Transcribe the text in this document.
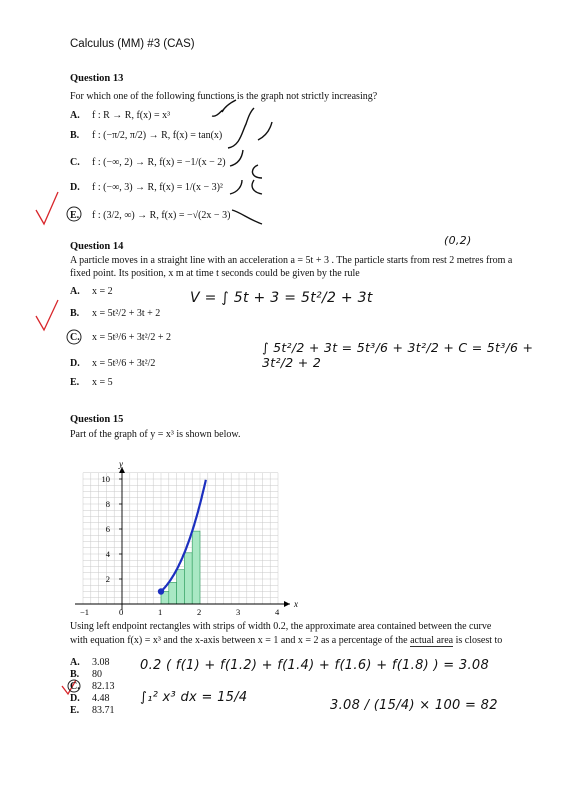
Calculus (MM) #3 (CAS)
Question 13
For which one of the following functions is the graph not strictly increasing?
A. f : R → R, f(x) = x³
B. f : (−π/2, π/2) → R, f(x) = tan(x)
C. f : (−∞, 2) → R, f(x) = −1/(x − 2)
D. f : (−∞, 3) → R, f(x) = 1/(x − 3)²
E. f : (3/2, ∞) → R, f(x) = −√(2x − 3)
Question 14	(0,2)
A particle moves in a straight line with an acceleration a = 5t + 3 . The particle starts from rest 2 metres from a
fixed point. Its position, x m at time t seconds could be given by the rule
A. x = 2
B. x = 5t²/2 + 3t + 2
C. x = 5t³/6 + 3t²/2 + 2
D. x = 5t³/6 + 3t²/2
E. x = 5
V = ∫ 5t + 3 = 5t²/2 + 3t
∫ 5t²/2 + 3t = 5t³/6 + 3t²/2 + C = 5t³/6 + 3t²/2 + 2
Question 15
Part of the graph of y = x³ is shown below.
x
y
−1	0	1	2	3	4
2
4
6
8
10
Using left endpoint rectangles with strips of width 0.2, the approximate area contained between the curve
with equation f(x) = x³ and the x-axis between x = 1 and x = 2 as a percentage of the actual area is closest to
A. 3.08
B. 80
C. 82.13
D. 4.48
E. 83.71
0.2 ( f(1) + f(1.2) + f(1.4) + f(1.6) + f(1.8) ) = 3.08
∫₁² x³ dx = 15/4
3.08 / (15/4) × 100 = 82
